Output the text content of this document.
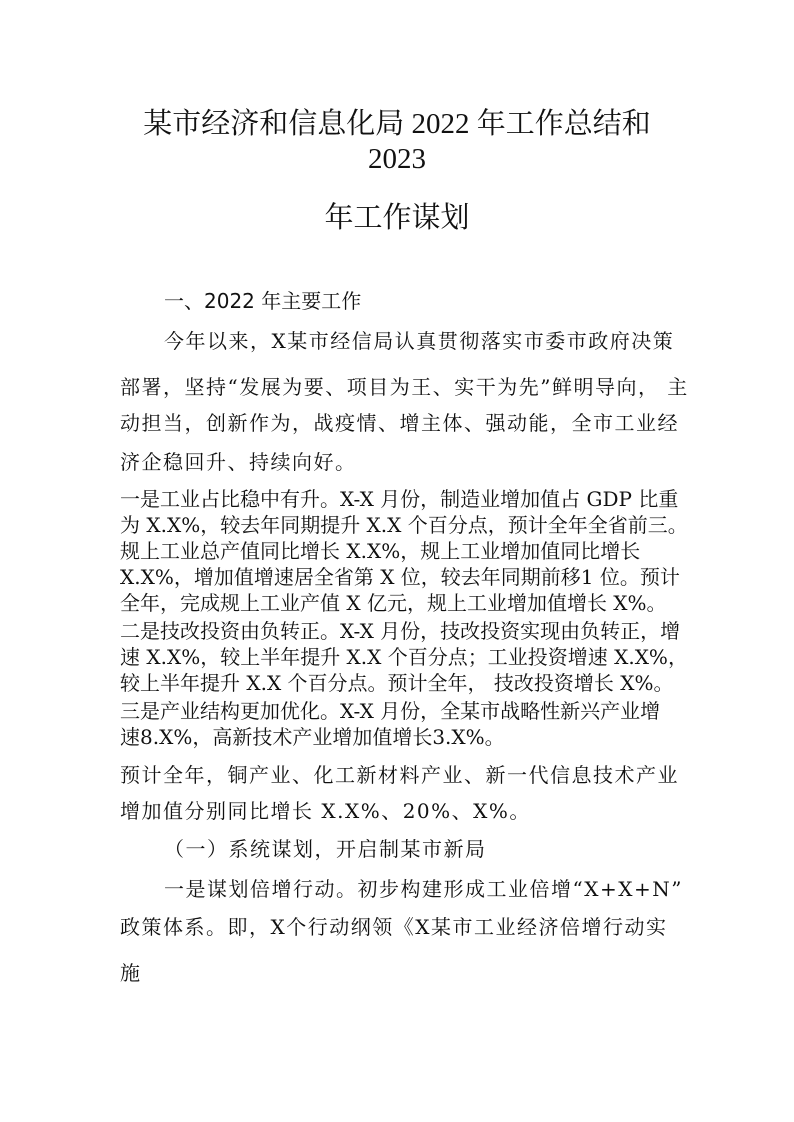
某市经济和信息化局 2022 年工作总结和
2023
年工作谋划
一、2022 年主要工作
今年以来，X某市经信局认真贯彻落实市委市政府决策
部署，坚持“发展为要、项目为王、实干为先”鲜明导向， 主
动担当，创新作为，战疫情、增主体、强动能，全市工业经
济企稳回升、持续向好。
一是工业占比稳中有升。X-X 月份，制造业增加值占 GDP 比重
为 X.X%，较去年同期提升 X.X 个百分点，预计全年全省前三。
规上工业总产值同比增长 X.X%，规上工业增加值同比增长
X.X%，增加值增速居全省第 X 位，较去年同期前移1 位。预计
全年，完成规上工业产值 X 亿元，规上工业增加值增长 X%。
二是技改投资由负转正。X-X 月份，技改投资实现由负转正，增
速 X.X%，较上半年提升 X.X 个百分点；工业投资增速 X.X%，
较上半年提升 X.X 个百分点。预计全年， 技改投资增长 X%。
三是产业结构更加优化。X-X 月份，全某市战略性新兴产业增
速8.X%，高新技术产业增加值增长3.X%。
预计全年，铜产业、化工新材料产业、新一代信息技术产业
增加值分别同比增长 X.X%、20%、X%。
（一）系统谋划，开启制某市新局
一是谋划倍增行动。初步构建形成工业倍增“X+X+N”
政策体系。即，X个行动纲领《X某市工业经济倍增行动实
施
